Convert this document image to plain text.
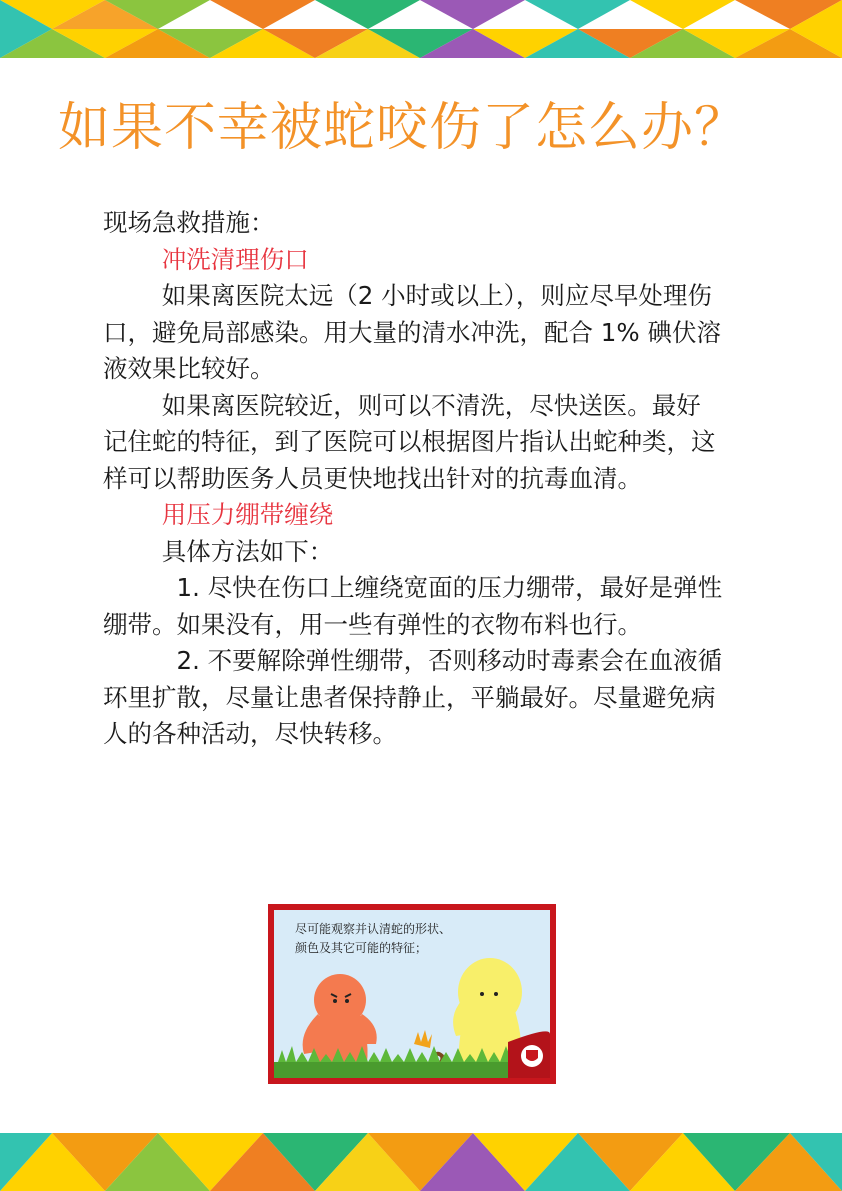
如果不幸被蛇咬伤了怎么办？

现场急救措施：

冲洗清理伤口

如果离医院太远（2 小时或以上），则应尽早处理伤口，避免局部感染。用大量的清水冲洗，配合 1% 碘伏溶液效果比较好。

如果离医院较近，则可以不清洗，尽快送医。最好记住蛇的特征，到了医院可以根据图片指认出蛇种类，这样可以帮助医务人员更快地找出针对的抗毒血清。

用压力绷带缠绕

具体方法如下：

1. 尽快在伤口上缠绕宽面的压力绷带，最好是弹性绷带。如果没有，用一些有弹性的衣物布料也行。

2. 不要解除弹性绷带，否则移动时毒素会在血液循环里扩散，尽量让患者保持静止，平躺最好。尽量避免病人的各种活动，尽快转移。

尽可能观察并认清蛇的形状、
颜色及其它可能的特征；
